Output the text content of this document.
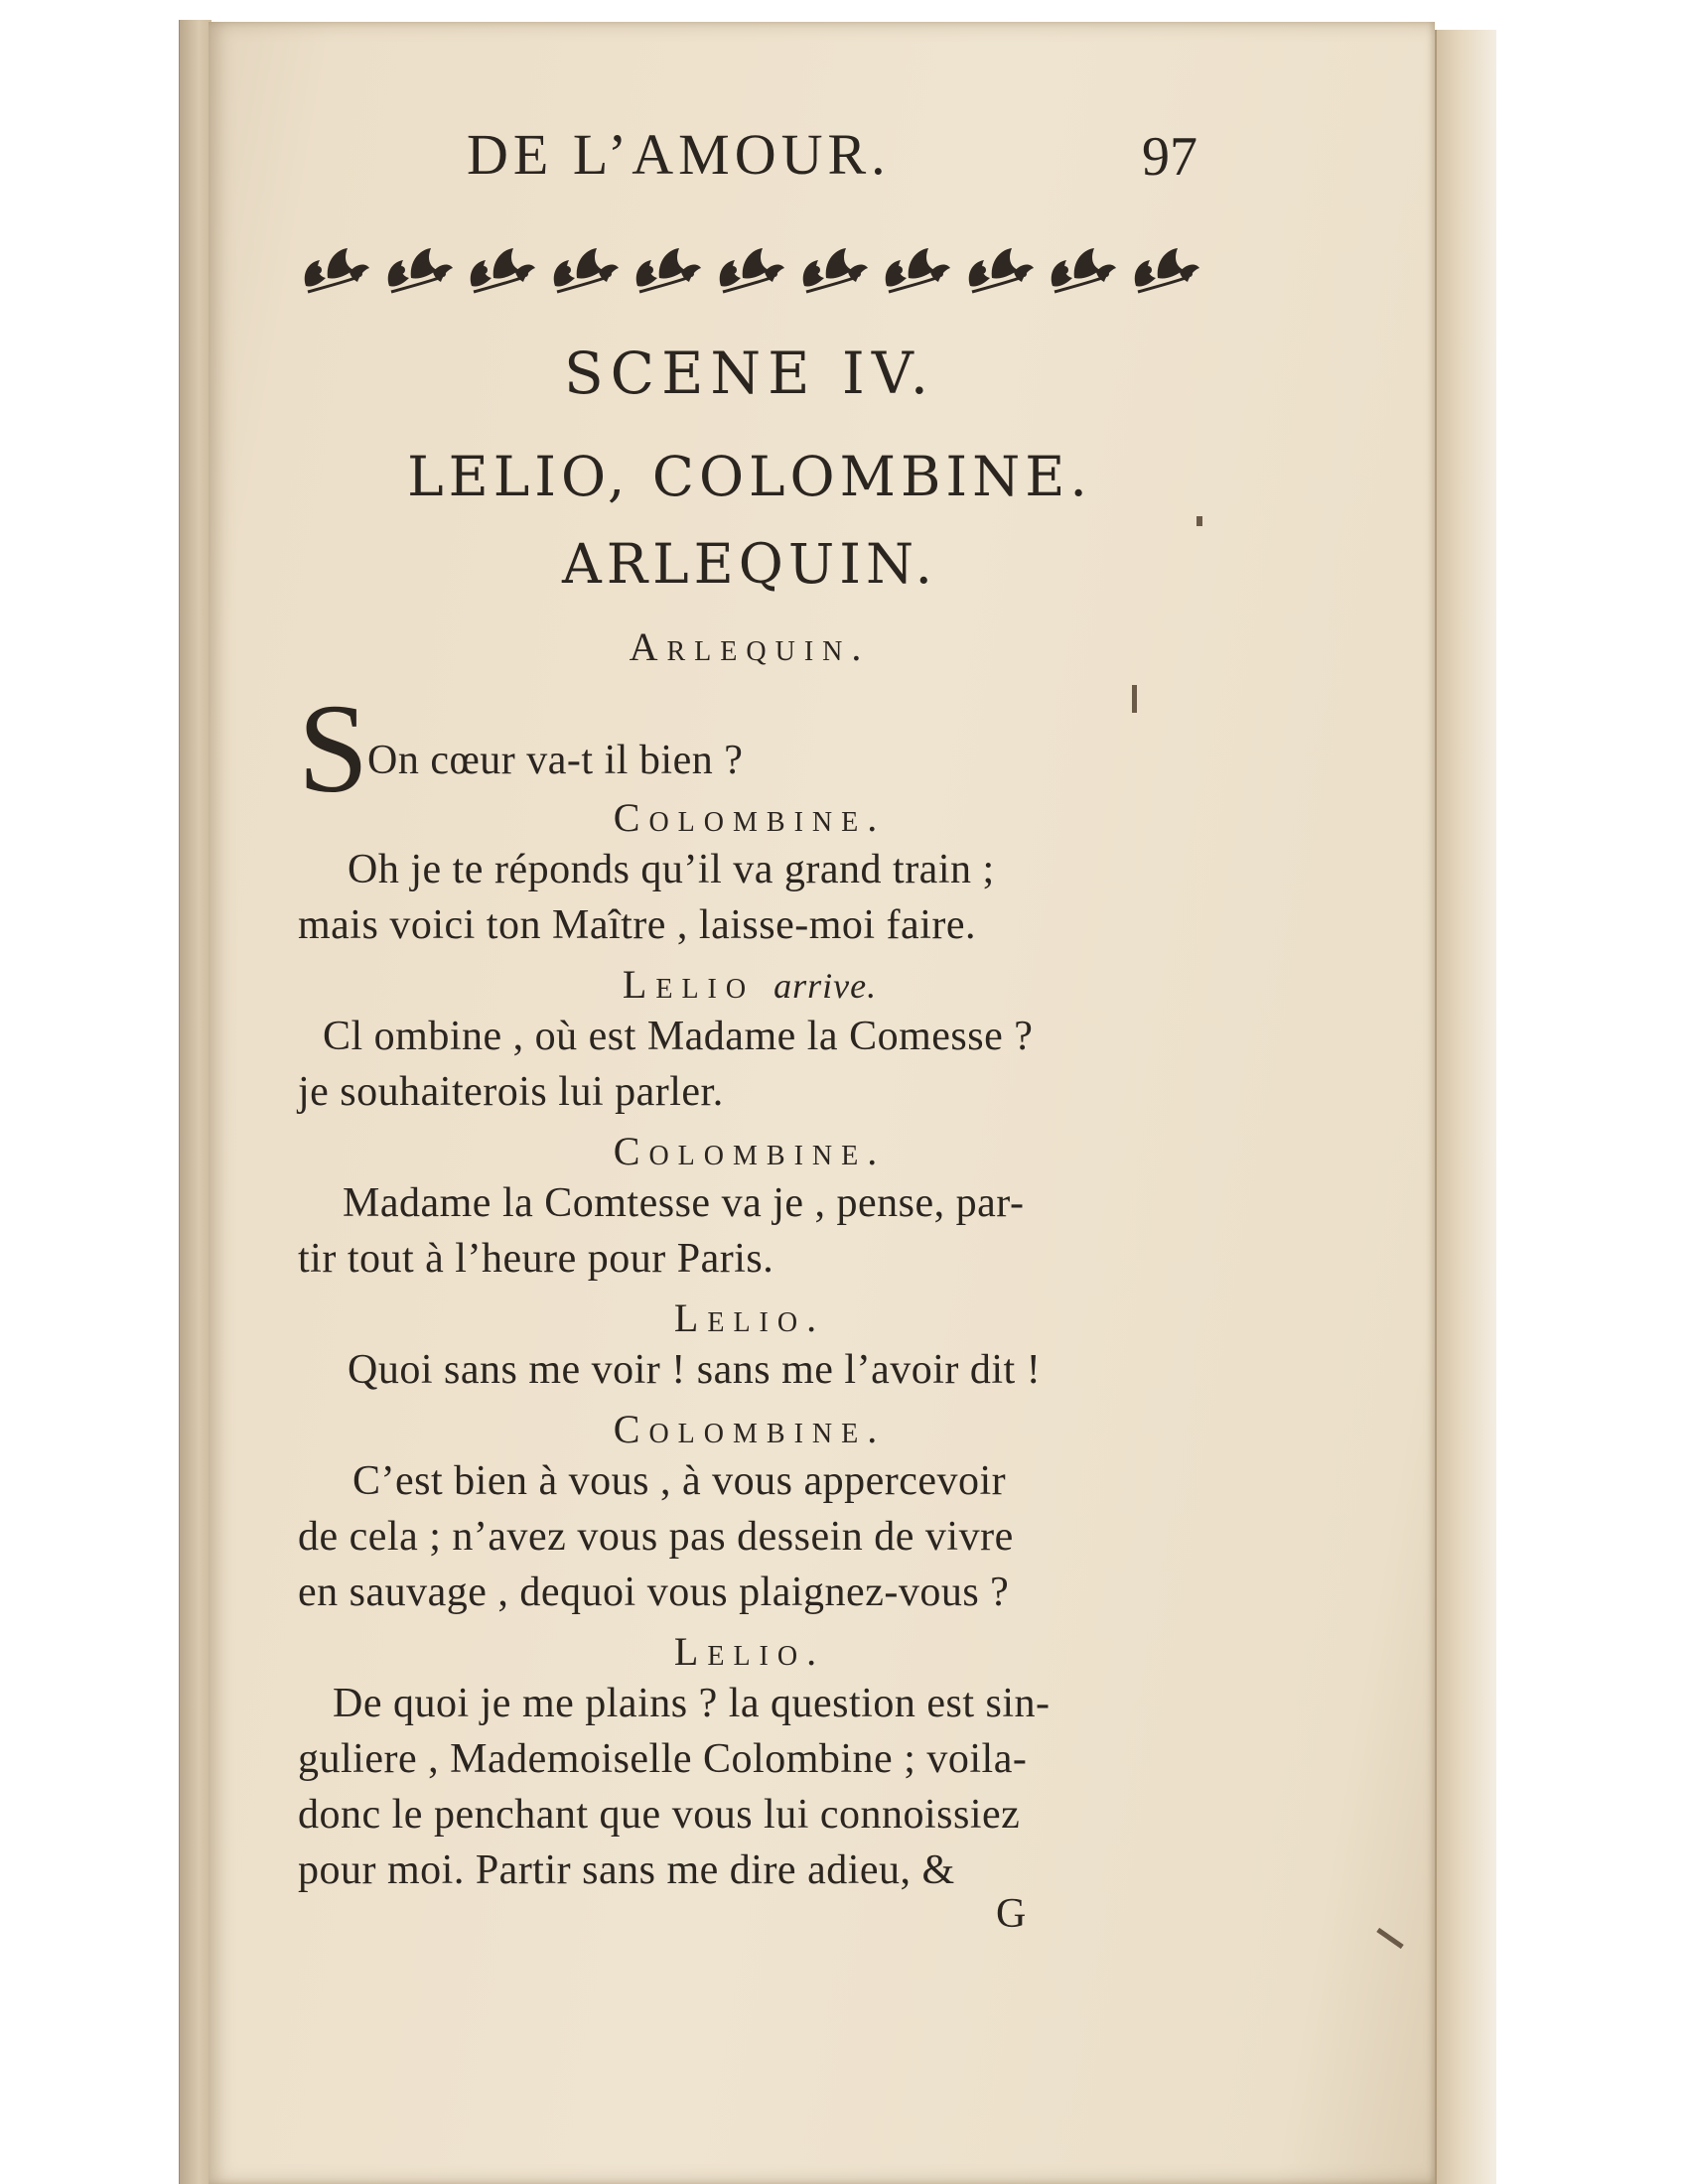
DE L’AMOUR.	97
SCENE IV.
LELIO, COLOMBINE.
ARLEQUIN.
Arlequin.
S
On cœur va-t il bien ?
Colombine.
Oh je te réponds qu’il va grand train ;
mais voici ton Maître , laisse-moi faire.
Lelio arrive.
Cl ombine , où est Madame la Comesse ?
je souhaiterois lui parler.
Colombine.
Madame la Comtesse va je , pense, par-
tir tout à l’heure pour Paris.
Lelio.
Quoi sans me voir ! sans me l’avoir dit !
Colombine.
C’est bien à vous , à vous appercevoir
de cela ; n’avez vous pas dessein de vivre
en sauvage , dequoi vous plaignez-vous ?
Lelio.
De quoi je me plains ? la question est sin-
guliere , Mademoiselle Colombine ; voila-
donc le penchant que vous lui connoissiez
pour moi. Partir sans me dire adieu, &
G
